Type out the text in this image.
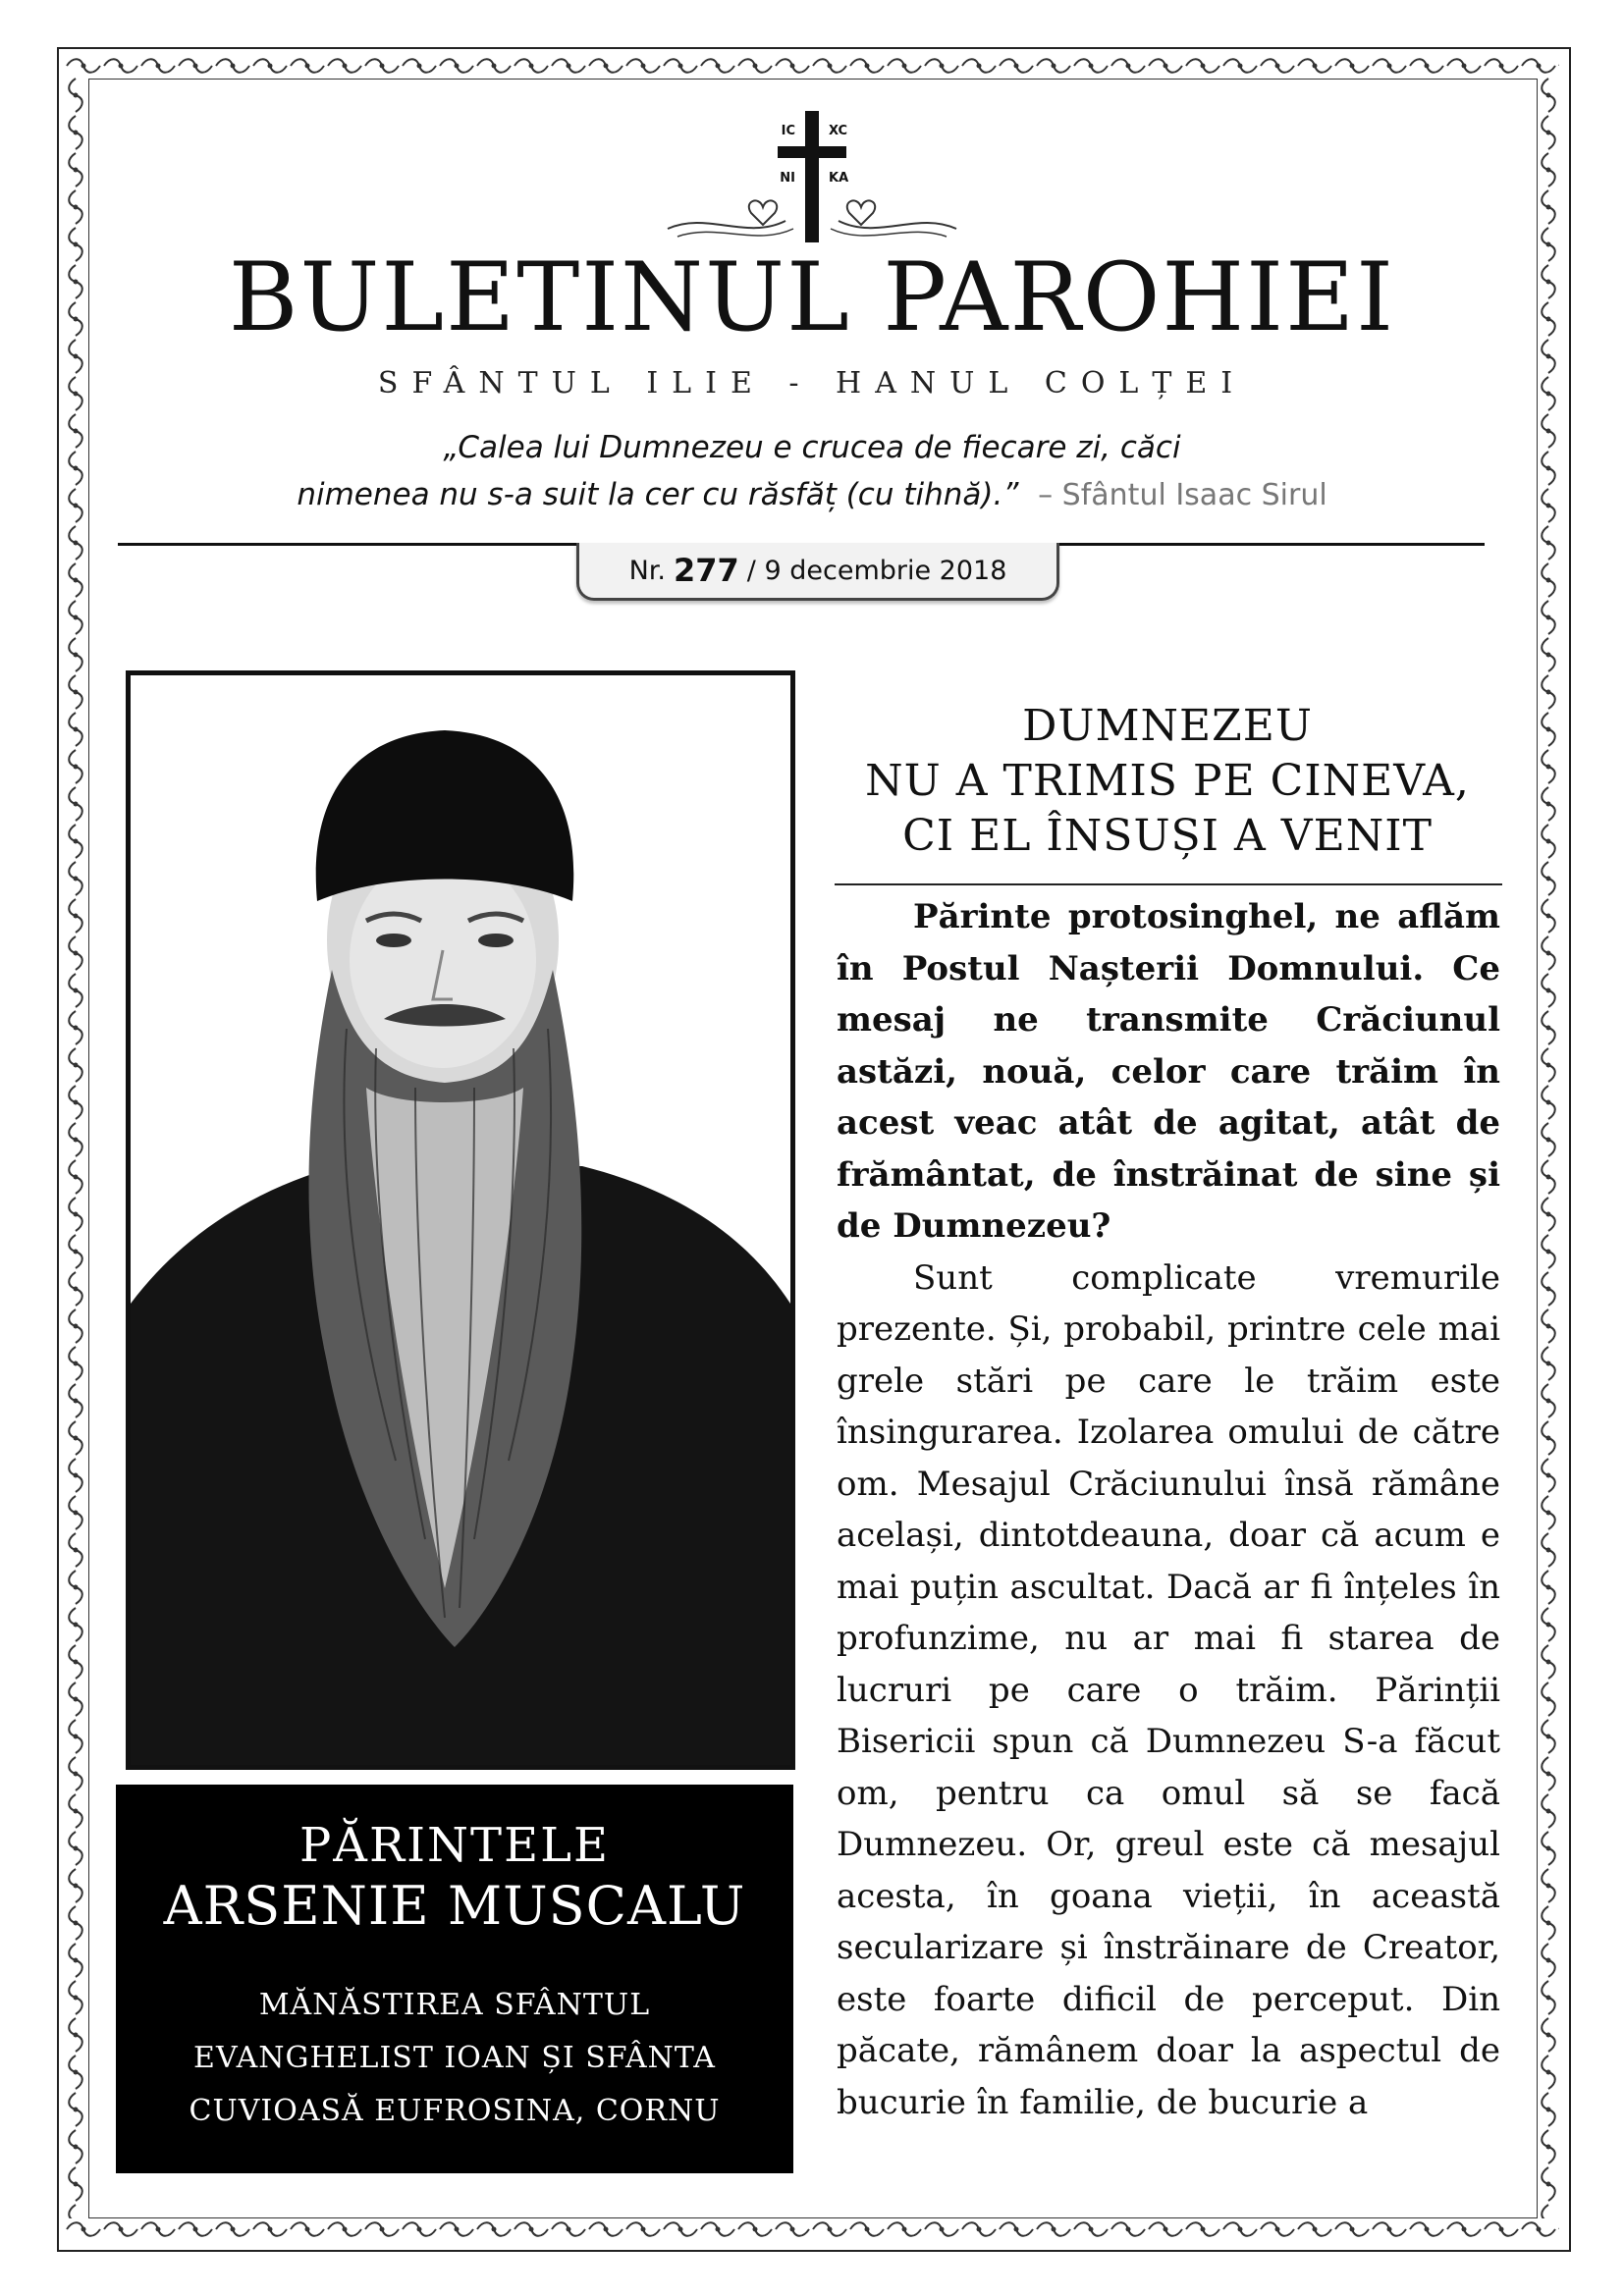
IC	XC
NI	KA
BULETINUL PAROHIEI
SFÂNTUL ILIE - HANUL COLȚEI
„Calea lui Dumnezeu e crucea de fiecare zi, căci
nimenea nu s-a suit la cer cu răsfăț (cu tihnă).” – Sfântul Isaac Sirul
Nr. 277 / 9 decembrie 2018
PĂRINTELE
ARSENIE MUSCALU
MĂNĂSTIREA SFÂNTUL
EVANGHELIST IOAN ȘI SFÂNTA
CUVIOASĂ EUFROSINA, CORNU
DUMNEZEU
NU A TRIMIS PE CINEVA,
CI EL ÎNSUȘI A VENIT

Părinte protosinghel, ne aflăm în Postul Nașterii Domnului. Ce mesaj ne transmite Crăciunul astăzi, nouă, celor care trăim în acest veac atât de agitat, atât de frământat, de înstrăinat de sine și de Dumnezeu?

Sunt complicate vremurile prezente. Și, probabil, printre cele mai grele stări pe care le trăim este însingurarea. Izolarea omului de către om. Mesajul Crăciunului însă rămâne același, dintotdeauna, doar că acum e mai puțin ascultat. Dacă ar fi înțeles în profunzime, nu ar mai fi starea de lucruri pe care o trăim. Părinții Bisericii spun că Dumnezeu S-a făcut om, pentru ca omul să se facă Dumnezeu. Or, greul este că mesajul acesta, în goana vieții, în această secularizare și înstrăinare de Creator, este foarte dificil de perceput. Din păcate, rămânem doar la aspectul de bucurie în familie, de bucurie a
